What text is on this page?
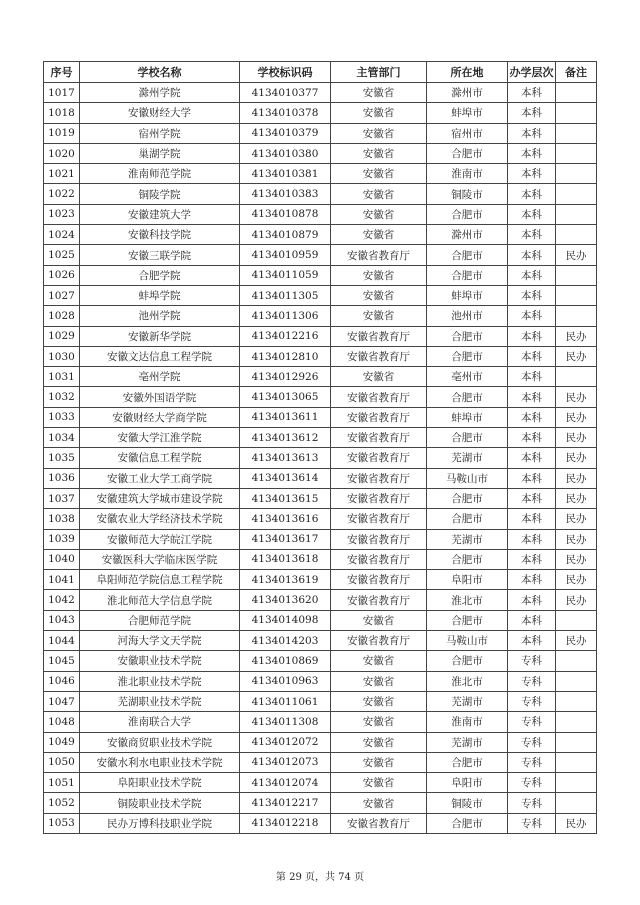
序号	学校名称	学校标识码	主管部门	所在地	办学层次	备注
1017	滁州学院	4134010377	安徽省	滁州市	本科	
1018	安徽财经大学	4134010378	安徽省	蚌埠市	本科	
1019	宿州学院	4134010379	安徽省	宿州市	本科	
1020	巢湖学院	4134010380	安徽省	合肥市	本科	
1021	淮南师范学院	4134010381	安徽省	淮南市	本科	
1022	铜陵学院	4134010383	安徽省	铜陵市	本科	
1023	安徽建筑大学	4134010878	安徽省	合肥市	本科	
1024	安徽科技学院	4134010879	安徽省	滁州市	本科	
1025	安徽三联学院	4134010959	安徽省教育厅	合肥市	本科	民办
1026	合肥学院	4134011059	安徽省	合肥市	本科	
1027	蚌埠学院	4134011305	安徽省	蚌埠市	本科	
1028	池州学院	4134011306	安徽省	池州市	本科	
1029	安徽新华学院	4134012216	安徽省教育厅	合肥市	本科	民办
1030	安徽文达信息工程学院	4134012810	安徽省教育厅	合肥市	本科	民办
1031	亳州学院	4134012926	安徽省	亳州市	本科	
1032	安徽外国语学院	4134013065	安徽省教育厅	合肥市	本科	民办
1033	安徽财经大学商学院	4134013611	安徽省教育厅	蚌埠市	本科	民办
1034	安徽大学江淮学院	4134013612	安徽省教育厅	合肥市	本科	民办
1035	安徽信息工程学院	4134013613	安徽省教育厅	芜湖市	本科	民办
1036	安徽工业大学工商学院	4134013614	安徽省教育厅	马鞍山市	本科	民办
1037	安徽建筑大学城市建设学院	4134013615	安徽省教育厅	合肥市	本科	民办
1038	安徽农业大学经济技术学院	4134013616	安徽省教育厅	合肥市	本科	民办
1039	安徽师范大学皖江学院	4134013617	安徽省教育厅	芜湖市	本科	民办
1040	安徽医科大学临床医学院	4134013618	安徽省教育厅	合肥市	本科	民办
1041	阜阳师范学院信息工程学院	4134013619	安徽省教育厅	阜阳市	本科	民办
1042	淮北师范大学信息学院	4134013620	安徽省教育厅	淮北市	本科	民办
1043	合肥师范学院	4134014098	安徽省	合肥市	本科	
1044	河海大学文天学院	4134014203	安徽省教育厅	马鞍山市	本科	民办
1045	安徽职业技术学院	4134010869	安徽省	合肥市	专科	
1046	淮北职业技术学院	4134010963	安徽省	淮北市	专科	
1047	芜湖职业技术学院	4134011061	安徽省	芜湖市	专科	
1048	淮南联合大学	4134011308	安徽省	淮南市	专科	
1049	安徽商贸职业技术学院	4134012072	安徽省	芜湖市	专科	
1050	安徽水利水电职业技术学院	4134012073	安徽省	合肥市	专科	
1051	阜阳职业技术学院	4134012074	安徽省	阜阳市	专科	
1052	铜陵职业技术学院	4134012217	安徽省	铜陵市	专科	
1053	民办万博科技职业学院	4134012218	安徽省教育厅	合肥市	专科	民办
第 29 页，共 74 页
